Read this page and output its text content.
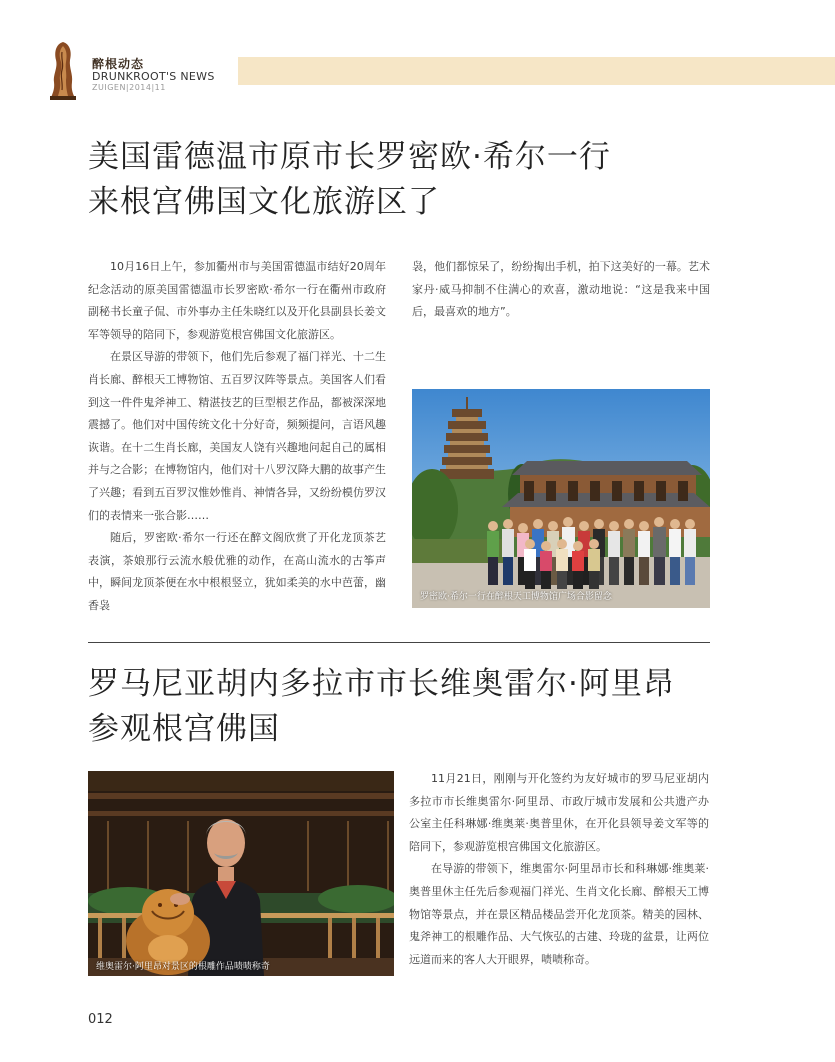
醉根动态
DRUNKROOT'S NEWS
ZUIGEN|2014|11
美国雷德温市原市长罗密欧·希尔一行
来根宫佛国文化旅游区了

10月16日上午，参加衢州市与美国雷德温市结好20周年纪念活动的原美国雷德温市长罗密欧·希尔一行在衢州市政府副秘书长童子侃、市外事办主任朱晓红以及开化县副县长姜文军等领导的陪同下，参观游览根宫佛国文化旅游区。

在景区导游的带领下，他们先后参观了福门祥光、十二生肖长廊、醉根天工博物馆、五百罗汉阵等景点。美国客人们看到这一件件鬼斧神工、精湛技艺的巨型根艺作品，都被深深地震撼了。他们对中国传统文化十分好奇，频频提问，言语风趣诙谐。在十二生肖长廊，美国友人饶有兴趣地问起自己的属相并与之合影；在博物馆内，他们对十八罗汉降大鹏的故事产生了兴趣；看到五百罗汉惟妙惟肖、神情各异，又纷纷模仿罗汉们的表情来一张合影……

随后，罗密欧·希尔一行还在醉文阁欣赏了开化龙顶茶艺表演，茶娘那行云流水般优雅的动作，在高山流水的古筝声中，瞬间龙顶茶便在水中根根竖立，犹如柔美的水中芭蕾，幽香袅

袅，他们都惊呆了，纷纷掏出手机，拍下这美好的一幕。艺术家丹·威马抑制不住满心的欢喜，激动地说：“这是我来中国后，最喜欢的地方”。

罗密欧·希尔一行在醉根天工博物馆广场合影留念
罗马尼亚胡内多拉市市长维奥雷尔·阿里昂
参观根宫佛国
维奥雷尔·阿里昂对景区的根雕作品啧啧称奇

11月21日，刚刚与开化签约为友好城市的罗马尼亚胡内多拉市市长维奥雷尔·阿里昂、市政厅城市发展和公共遗产办公室主任科琳娜·维奥莱·奥普里休，在开化县领导姜文军等的陪同下，参观游览根宫佛国文化旅游区。

在导游的带领下，维奥雷尔·阿里昂市长和科琳娜·维奥莱·奥普里休主任先后参观福门祥光、生肖文化长廊、醉根天工博物馆等景点，并在景区精品楼品尝开化龙顶茶。精美的园林、鬼斧神工的根雕作品、大气恢弘的古建、玲珑的盆景，让两位远道而来的客人大开眼界，啧啧称奇。

012
